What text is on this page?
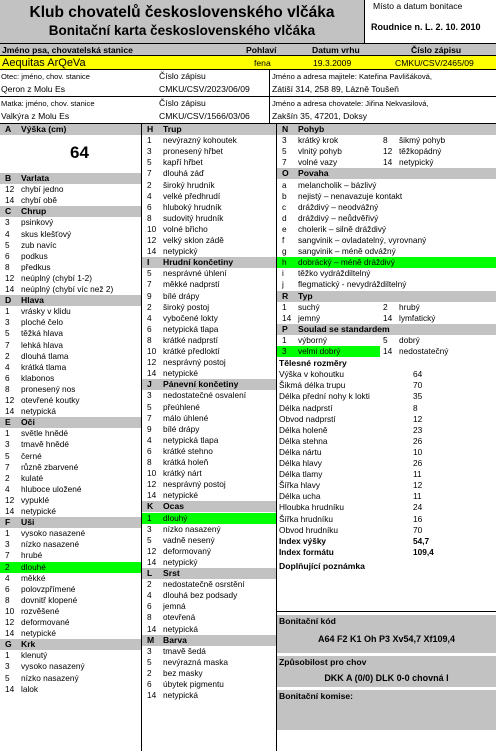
Klub chovatelů československého vlčáka
Bonitační karta československého vlčáka
Místo a datum bonitace
Roudnice n. L. 2. 10. 2010
Jméno psa, chovatelská stanice	Pohlaví	Datum vrhu	Číslo zápisu
Aequitas ArQeVa	fena	19.3.2009	CMKU/CSV/2465/09
Otec: jméno, chov. stanice
Qeron z Molu Es
Číslo zápisu
CMKU/CSV/2023/06/09
Matka: jméno, chov. stanice
Valkýra z Molu Es
Číslo zápisu
CMKU/CSV/1566/03/06
Jméno a adresa majitele: Kateřina Pavlišáková,
Zátiší 314, 258 89, Lázně Toušeň
Jméno a adresa chovatele: Jiřina Nekvasilová,
Zakšín 35, 47201, Doksy
A Výška (cm)
64
B Varlata
12 chybí jedno
14 chybí obě
C Chrup
3 psinkový
4 skus klešťový
5 zub navíc
6 podkus
8 předkus
12 neúplný (chybí 1-2)
14 neúplný (chybí víc než 2)
D Hlava
1 vrásky v klidu
3 ploché čelo
5 těžká hlava
7 lehká hlava
2 dlouhá tlama
4 krátká tlama
6 klabonos
8 pronesený nos
12 otevřené koutky
14 netypická
E Oči
1 světle hnědé
3 tmavě hnědé
5 černé
7 různě zbarvené
2 kulaté
4 hluboce uložené
12 vypuklé
14 netypické
F Uši
1 vysoko nasazené
3 nízko nasazené
7 hrubé
2 dlouhé
4 měkké
6 polovzpřímené
8 dovnitř klopené
10 rozvěšené
12 deformované
14 netypické
G Krk
1 klenutý
3 vysoko nasazený
5 nízko nasazený
14 lalok
H Trup
1 nevýrazný kohoutek
3 pronesený hřbet
5 kapří hřbet
7 dlouhá záď
2 široký hrudník
4 velké předhrudí
6 hluboký hrudník
8 sudovitý hrudník
10 volné břicho
12 velký sklon zádě
14 netypický
I Hrudní končetiny
5 nesprávné úhlení
7 měkké nadprstí
9 bílé drápy
2 široký postoj
4 vybočené lokty
6 netypická tlapa
8 krátké nadprstí
10 krátké předloktí
12 nesprávný postoj
14 netypické
J Pánevní končetiny
3 nedostatečné osvalení
5 přeúhlené
7 málo úhlené
9 bílé drápy
4 netypická tlapa
6 krátké stehno
8 krátká holeň
10 krátký nárt
12 nesprávný postoj
14 netypické
K Ocas
1 dlouhý
3 nízko nasazený
5 vadně nesený
12 deformovaný
14 netypický
L Srst
2 nedostatečně osrstění
4 dlouhá bez podsady
6 jemná
8 otevřená
14 netypická
M Barva
3 tmavě šedá
5 nevýrazná maska
2 bez masky
6 úbytek pigmentu
14 netypická
N Pohyb
3 krátký krok	8 šikmý pohyb
5 vlnitý pohyb	12 těžkopádný
7 volné vazy	14 netypický
O Povaha
a melancholik – bázlivý
b nejistý – nenavazuje kontakt
c dráždivý – neodvážný
d dráždivý – neůdvěřivý
e cholerik – silně dráždivý
f sangvinik – ovladatelný, vyrovnaný
g sangvinik – méně odvážný
h dobrácký – méně dráždivý
i těžko vydráždiltelný
j flegmatický - nevydráždiltelný
R Typ
1 suchý	2 hrubý
14 jemný	14 lymfatický
P Soulad se standardem
1 výborný	5 dobrý
3 velmi dobrý	14 nedostatečný
Tělesné rozměry
Výška v kohoutku	64
Šikmá délka trupu	70
Délka přední nohy k lokti	35
Délka nadprstí	8
Obvod nadprstí	12
Délka holeně	23
Délka stehna	26
Délka nártu	10
Délka hlavy	26
Délka tlamy	11
Šířka hlavy	12
Délka ucha	11
Hloubka hrudníku	24
Šířka hrudníku	16
Obvod hrudníku	70
Index výšky	54,7
Index formátu	109,4
Doplňující poznámka
Bonitační kód
A64 F2 K1 Oh P3 Xv54,7 Xf109,4
Způsobilost pro chov
DKK A (0/0) DLK 0-0 chovná I
Bonitační komise:
